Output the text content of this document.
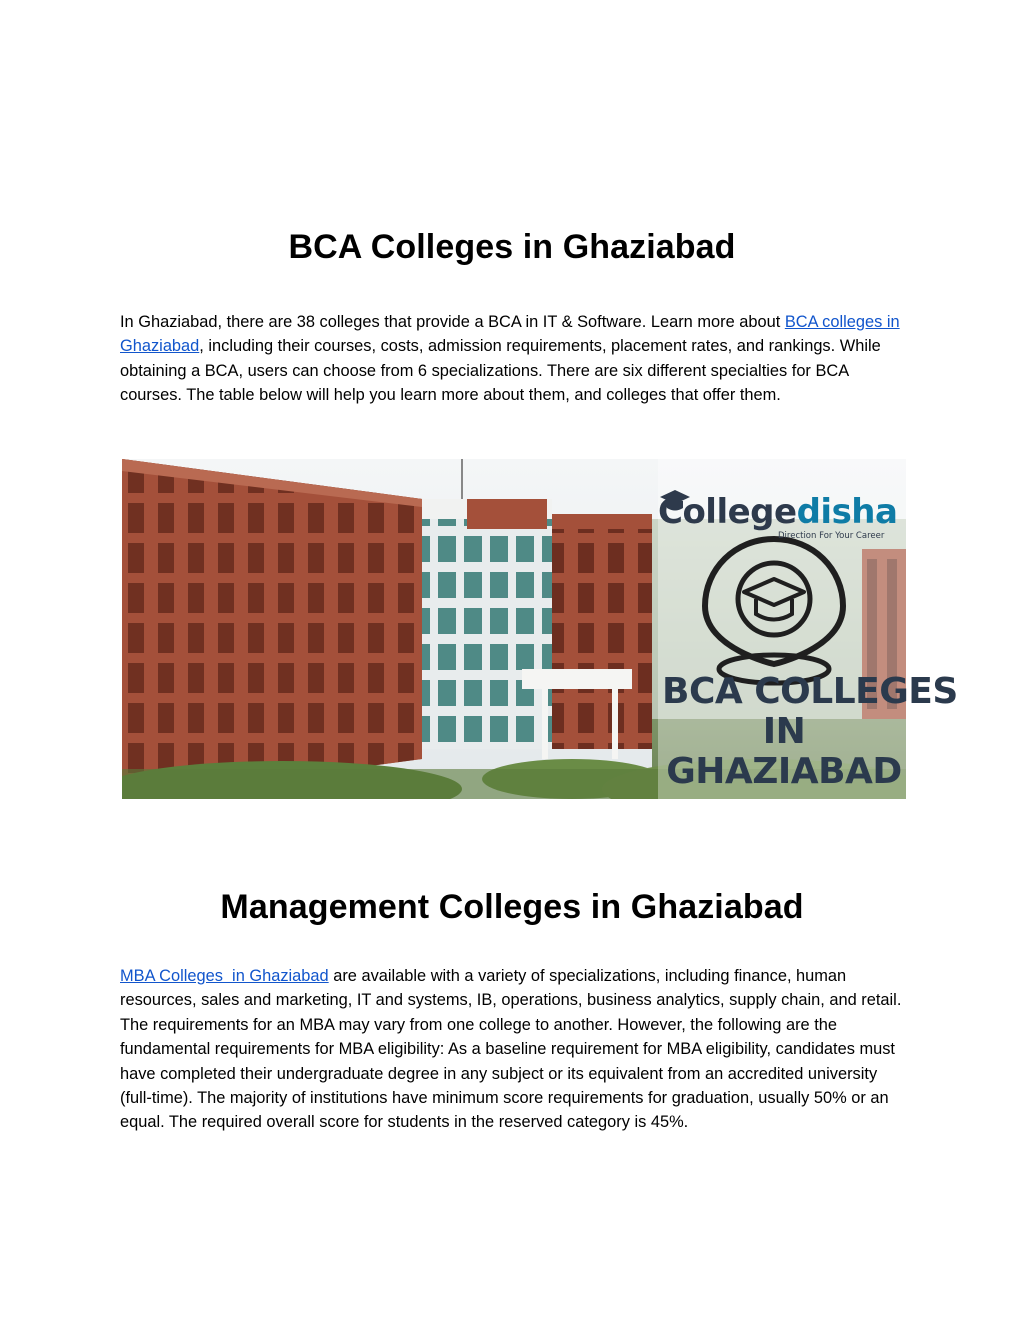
BCA Colleges in Ghaziabad

In Ghaziabad, there are 38 colleges that provide a BCA in IT & Software. Learn more about BCA colleges in Ghaziabad, including their courses, costs, admission requirements, placement rates, and rankings. While obtaining a BCA, users can choose from 6 specializations. There are six different specialties for BCA courses. The table below will help you learn more about them, and colleges that offer them.

Collegedisha
Direction For Your Career
BCA COLLEGES
IN
GHAZIABAD
Management Colleges in Ghaziabad

MBA Colleges  in Ghaziabad are available with a variety of specializations, including finance, human resources, sales and marketing, IT and systems, IB, operations, business analytics, supply chain, and retail. The requirements for an MBA may vary from one college to another. However, the following are the fundamental requirements for MBA eligibility: As a baseline requirement for MBA eligibility, candidates must have completed their undergraduate degree in any subject or its equivalent from an accredited university (full-time). The majority of institutions have minimum score requirements for graduation, usually 50% or an equal. The required overall score for students in the reserved category is 45%.
